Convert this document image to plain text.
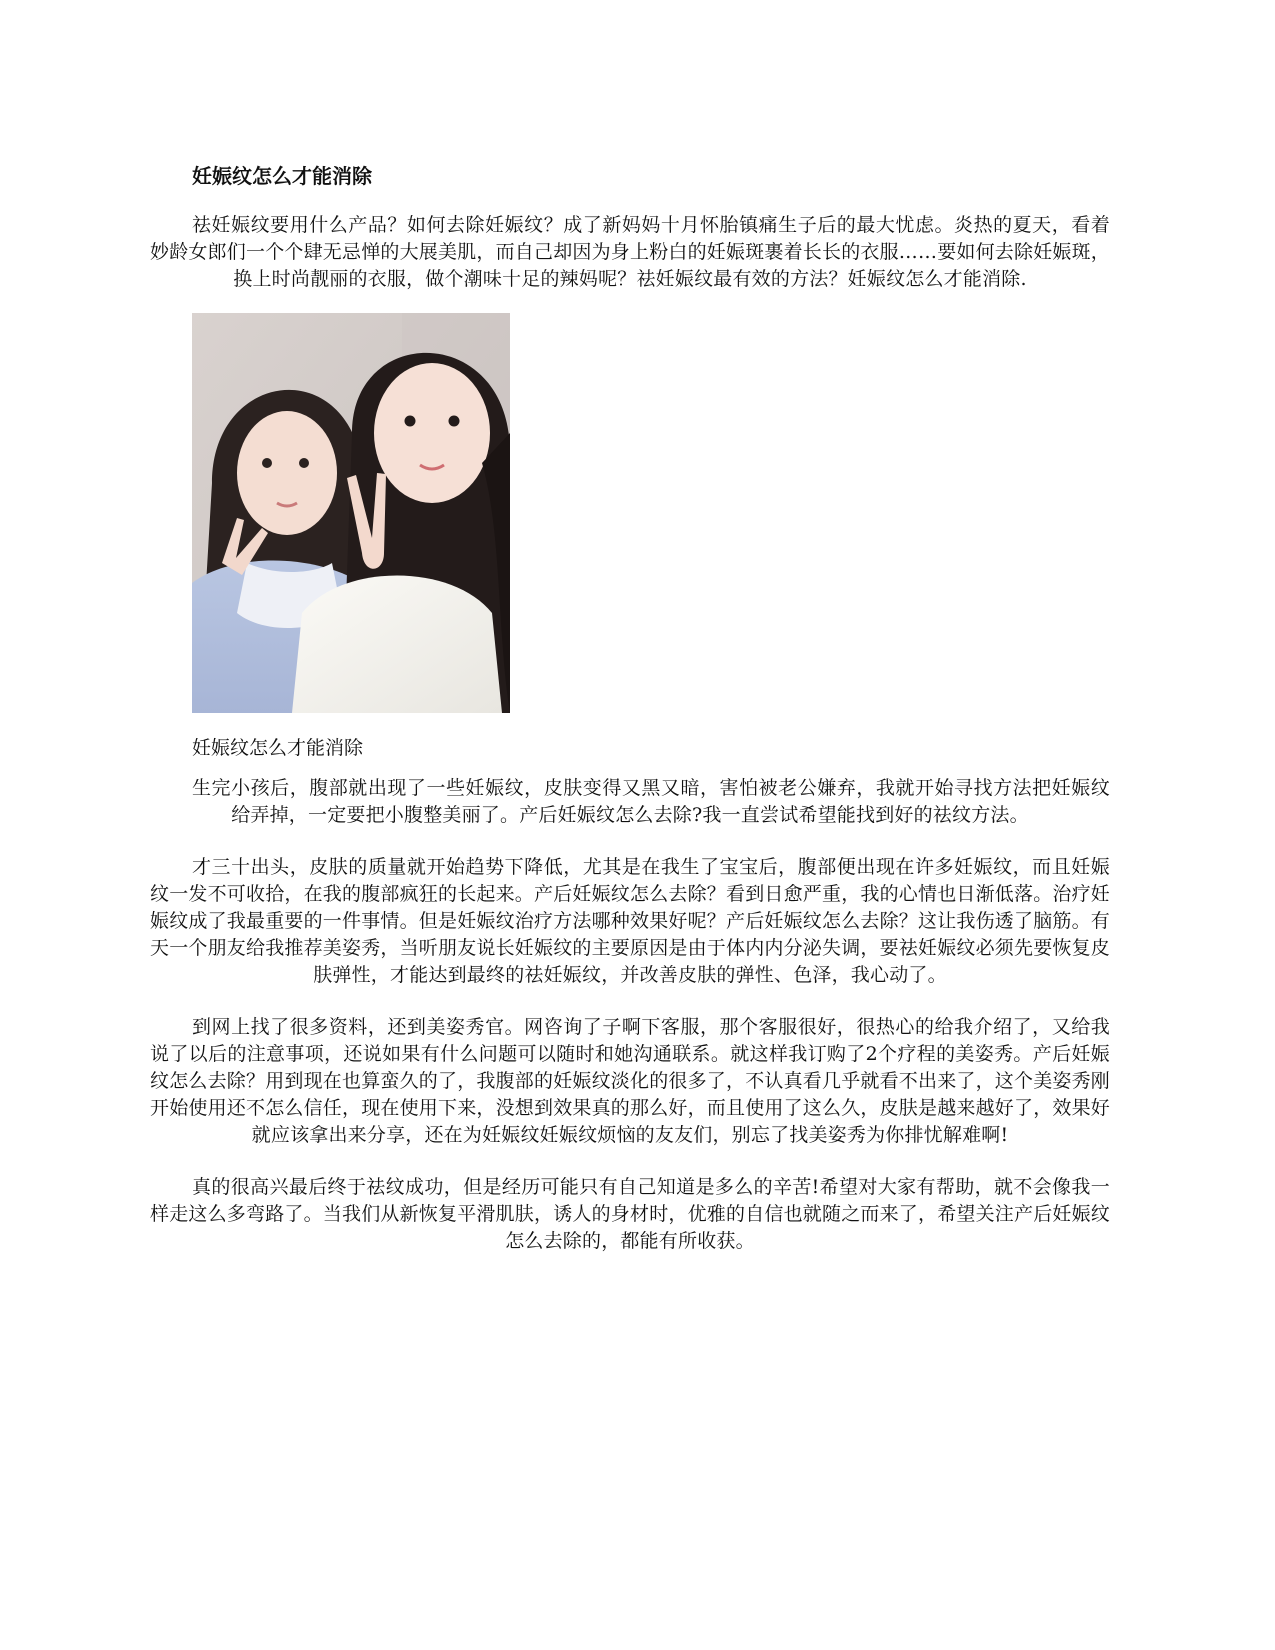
妊娠纹怎么才能消除

祛妊娠纹要用什么产品？如何去除妊娠纹？成了新妈妈十月怀胎镇痛生子后的最大忧虑。炎热的夏天，看着妙龄女郎们一个个肆无忌惮的大展美肌，而自己却因为身上粉白的妊娠斑裹着长长的衣服……要如何去除妊娠斑，换上时尚靓丽的衣服，做个潮味十足的辣妈呢？祛妊娠纹最有效的方法？妊娠纹怎么才能消除.

妊娠纹怎么才能消除

生完小孩后，腹部就出现了一些妊娠纹，皮肤变得又黑又暗，害怕被老公嫌弃，我就开始寻找方法把妊娠纹给弄掉，一定要把小腹整美丽了。产后妊娠纹怎么去除?我一直尝试希望能找到好的祛纹方法。

才三十出头，皮肤的质量就开始趋势下降低，尤其是在我生了宝宝后，腹部便出现在许多妊娠纹，而且妊娠纹一发不可收拾，在我的腹部疯狂的长起来。产后妊娠纹怎么去除？看到日愈严重，我的心情也日渐低落。治疗妊娠纹成了我最重要的一件事情。但是妊娠纹治疗方法哪种效果好呢？产后妊娠纹怎么去除？这让我伤透了脑筋。有天一个朋友给我推荐美姿秀，当听朋友说长妊娠纹的主要原因是由于体内内分泌失调，要祛妊娠纹必须先要恢复皮肤弹性，才能达到最终的祛妊娠纹，并改善皮肤的弹性、色泽，我心动了。

到网上找了很多资料，还到美姿秀官。网咨询了子啊下客服，那个客服很好，很热心的给我介绍了，又给我说了以后的注意事项，还说如果有什么问题可以随时和她沟通联系。就这样我订购了2个疗程的美姿秀。产后妊娠纹怎么去除？用到现在也算蛮久的了，我腹部的妊娠纹淡化的很多了，不认真看几乎就看不出来了，这个美姿秀刚开始使用还不怎么信任，现在使用下来，没想到效果真的那么好，而且使用了这么久，皮肤是越来越好了，效果好就应该拿出来分享，还在为妊娠纹妊娠纹烦恼的友友们，别忘了找美姿秀为你排忧解难啊!

真的很高兴最后终于祛纹成功，但是经历可能只有自己知道是多么的辛苦!希望对大家有帮助，就不会像我一样走这么多弯路了。当我们从新恢复平滑肌肤，诱人的身材时，优雅的自信也就随之而来了，希望关注产后妊娠纹怎么去除的，都能有所收获。
